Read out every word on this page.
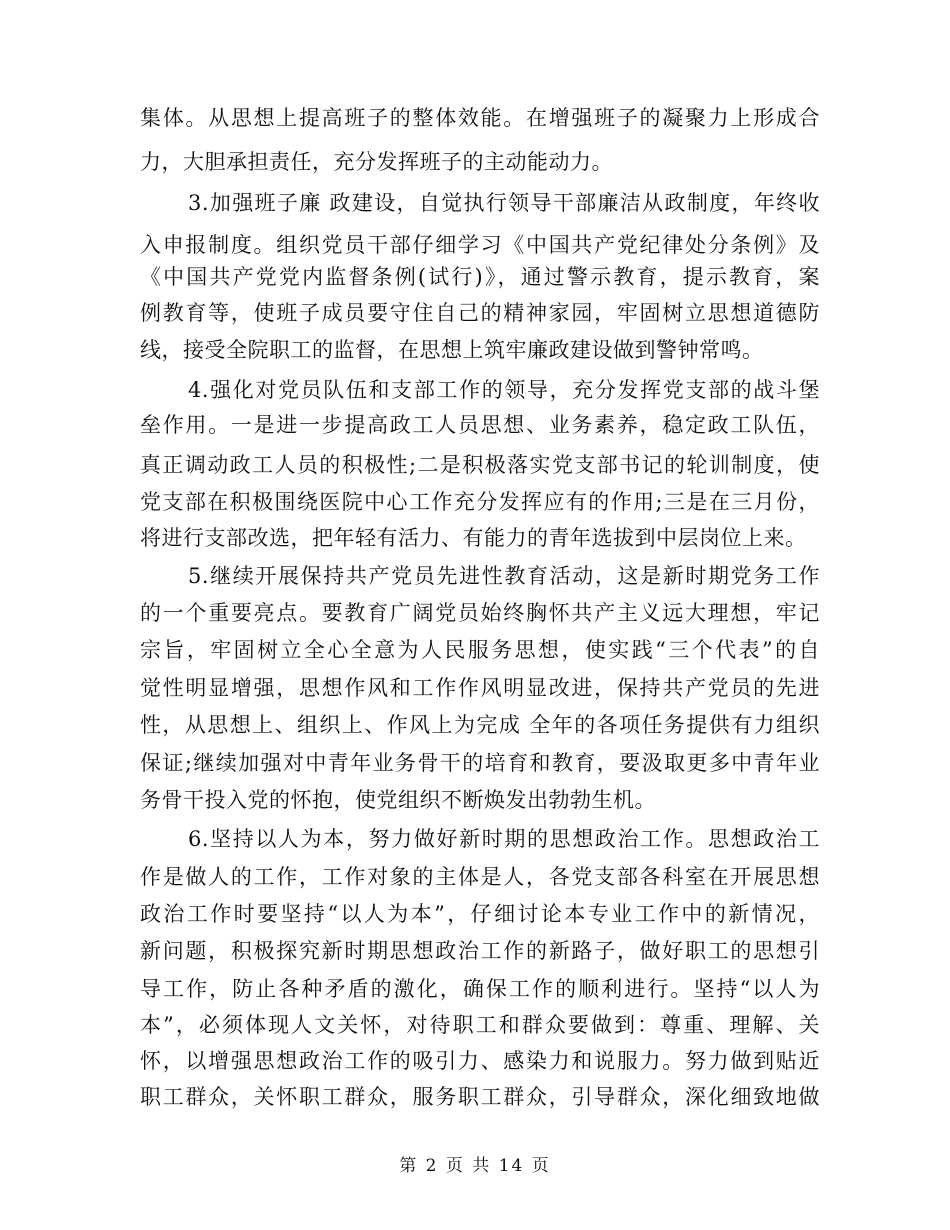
集体。从思想上提高班子的整体效能。在增强班子的凝聚力上形成合
力，大胆承担责任，充分发挥班子的主动能动力。
3.加强班子廉 政建设，自觉执行领导干部廉洁从政制度，年终收
入申报制度。组织党员干部仔细学习《中国共产党纪律处分条例》及
《中国共产党党内监督条例(试行)》，通过警示教育，提示教育，案
例教育等，使班子成员要守住自己的精神家园，牢固树立思想道德防
线，接受全院职工的监督，在思想上筑牢廉政建设做到警钟常鸣。
4.强化对党员队伍和支部工作的领导，充分发挥党支部的战斗堡
垒作用。一是进一步提高政工人员思想、业务素养，稳定政工队伍，
真正调动政工人员的积极性;二是积极落实党支部书记的轮训制度，使
党支部在积极围绕医院中心工作充分发挥应有的作用;三是在三月份，
将进行支部改选，把年轻有活力、有能力的青年选拔到中层岗位上来。
5.继续开展保持共产党员先进性教育活动，这是新时期党务工作
的一个重要亮点。要教育广阔党员始终胸怀共产主义远大理想，牢记
宗旨，牢固树立全心全意为人民服务思想，使实践“三个代表”的自
觉性明显增强，思想作风和工作作风明显改进，保持共产党员的先进
性，从思想上、组织上、作风上为完成 全年的各项任务提供有力组织
保证;继续加强对中青年业务骨干的培育和教育，要汲取更多中青年业
务骨干投入党的怀抱，使党组织不断焕发出勃勃生机。
6.坚持以人为本，努力做好新时期的思想政治工作。思想政治工
作是做人的工作，工作对象的主体是人，各党支部各科室在开展思想
政治工作时要坚持“以人为本”，仔细讨论本专业工作中的新情况，
新问题，积极探究新时期思想政治工作的新路子，做好职工的思想引
导工作，防止各种矛盾的激化，确保工作的顺利进行。坚持“以人为
本”，必须体现人文关怀，对待职工和群众要做到：尊重、理解、关
怀，以增强思想政治工作的吸引力、感染力和说服力。努力做到贴近
职工群众，关怀职工群众，服务职工群众，引导群众，深化细致地做
第 2 页 共 14 页
